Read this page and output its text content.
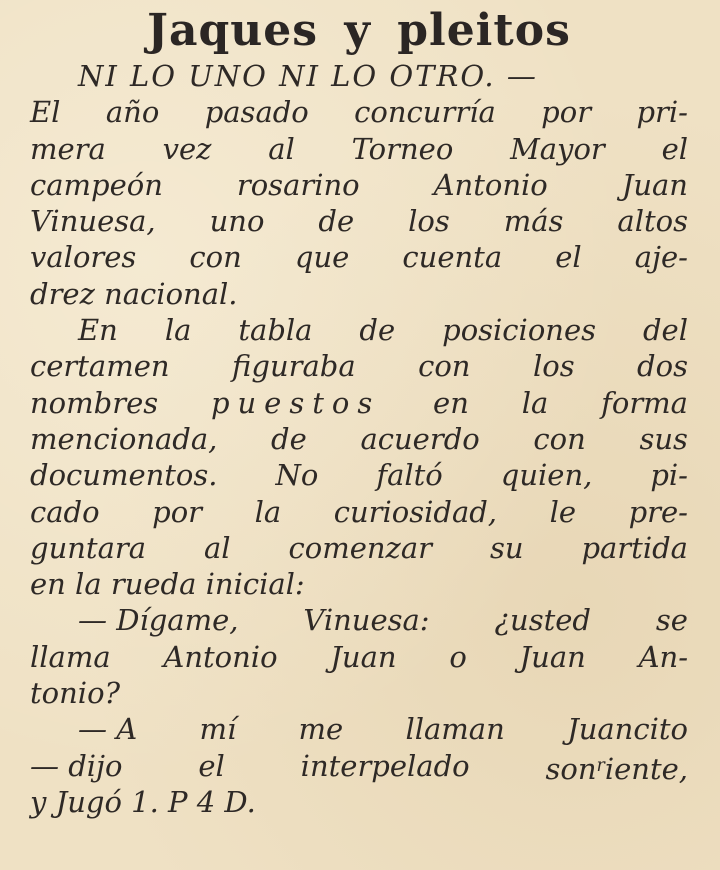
Jaques y pleitos
NI LO UNO NI LO OTRO. —
El año pasado concurría por pri-
mera vez al Torneo Mayor el
campeón	rosarino	Antonio	Juan
Vinuesa, uno de los más altos
valores con que cuenta el aje-
drez nacional.
En la tabla de posiciones del
certamen figuraba con los dos
nombres puestos en la forma
mencionada, de acuerdo con sus
documentos. No faltó quien, pi-
cado por la curiosidad, le pre-
guntara al comenzar su partida
en la rueda inicial:
— Dígame, Vinuesa: ¿usted se
llama Antonio Juan o Juan An-
tonio?
— A mí me llaman Juancito
— dijo	el	interpelado	son$^r$iente,
y Jugó 1. P 4 D.
